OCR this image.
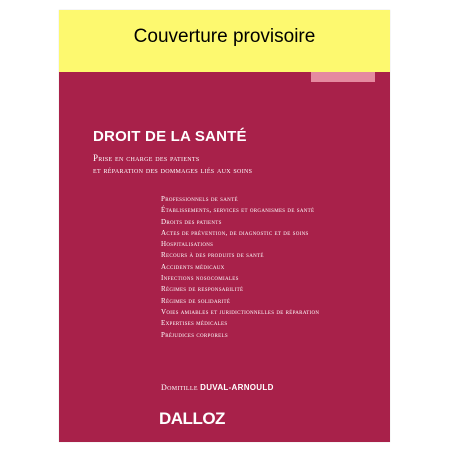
Couverture provisoire
DROIT DE LA SANTÉ
Prise en charge des patients
et réparation des dommages liés aux soins
Professionnels de santé
Établissements, services et organismes de santé
Droits des patients
Actes de prévention, de diagnostic et de soins
Hospitalisations
Recours à des produits de santé
Accidents médicaux
Infections nosocomiales
Régimes de responsabilité
Régimes de solidarité
Voies amiables et juridictionnelles de réparation
Expertises médicales
Préjudices corporels
Domitille DUVAL-ARNOULD
DALLOZ
